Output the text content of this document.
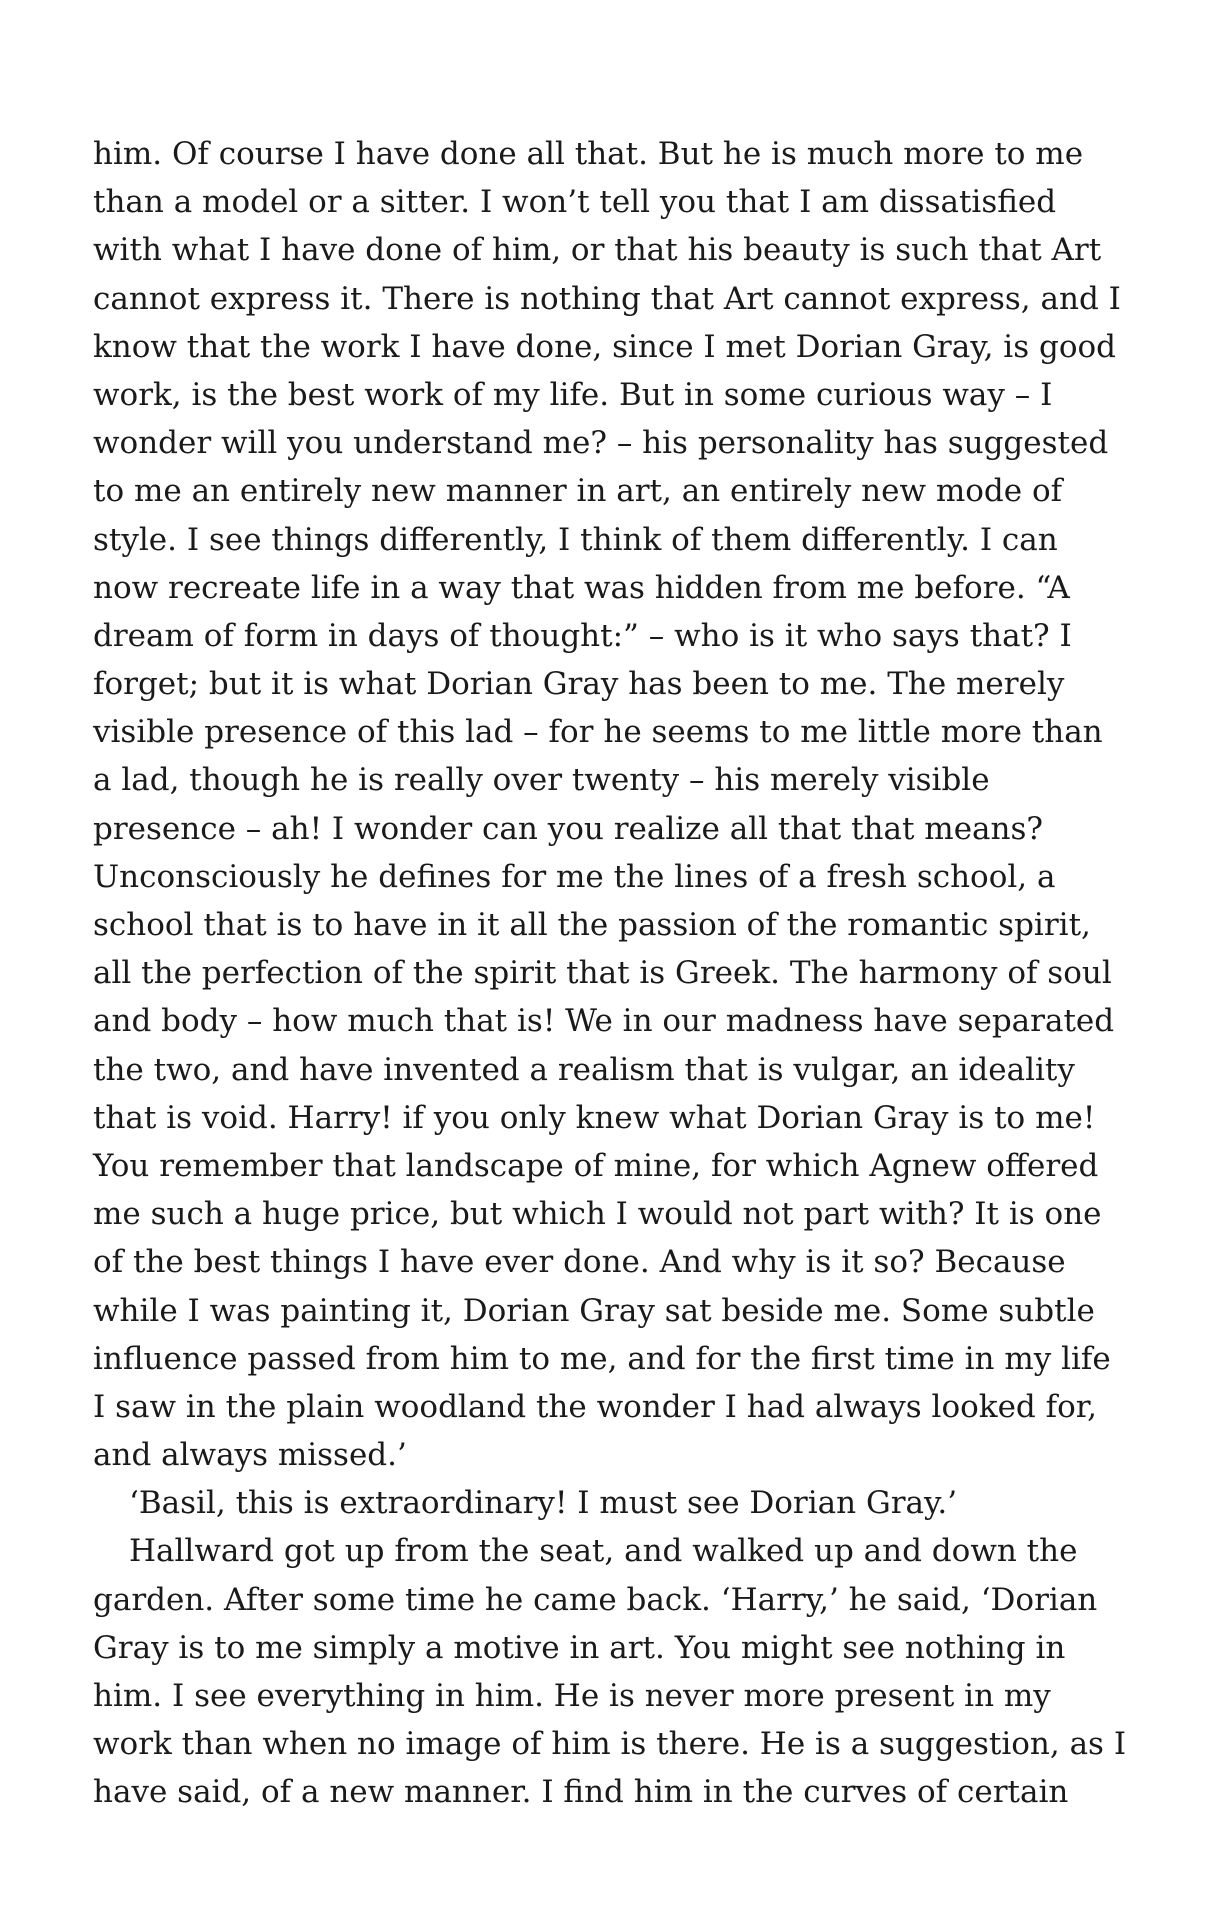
him. Of course I have done all that. But he is much more to me
than a model or a sitter. I won’t tell you that I am dissatisfied
with what I have done of him, or that his beauty is such that Art
cannot express it. There is nothing that Art cannot express, and I
know that the work I have done, since I met Dorian Gray, is good
work, is the best work of my life. But in some curious way – I
wonder will you understand me? – his personality has suggested
to me an entirely new manner in art, an entirely new mode of
style. I see things differently, I think of them differently. I can
now recreate life in a way that was hidden from me before. “A
dream of form in days of thought:” – who is it who says that? I
forget; but it is what Dorian Gray has been to me. The merely
visible presence of this lad – for he seems to me little more than
a lad, though he is really over twenty – his merely visible
presence – ah! I wonder can you realize all that that means?
Unconsciously he defines for me the lines of a fresh school, a
school that is to have in it all the passion of the romantic spirit,
all the perfection of the spirit that is Greek. The harmony of soul
and body – how much that is! We in our madness have separated
the two, and have invented a realism that is vulgar, an ideality
that is void. Harry! if you only knew what Dorian Gray is to me!
You remember that landscape of mine, for which Agnew offered
me such a huge price, but which I would not part with? It is one
of the best things I have ever done. And why is it so? Because
while I was painting it, Dorian Gray sat beside me. Some subtle
influence passed from him to me, and for the first time in my life
I saw in the plain woodland the wonder I had always looked for,
and always missed.’
‘Basil, this is extraordinary! I must see Dorian Gray.’
Hallward got up from the seat, and walked up and down the
garden. After some time he came back. ‘Harry,’ he said, ‘Dorian
Gray is to me simply a motive in art. You might see nothing in
him. I see everything in him. He is never more present in my
work than when no image of him is there. He is a suggestion, as I
have said, of a new manner. I find him in the curves of certain
